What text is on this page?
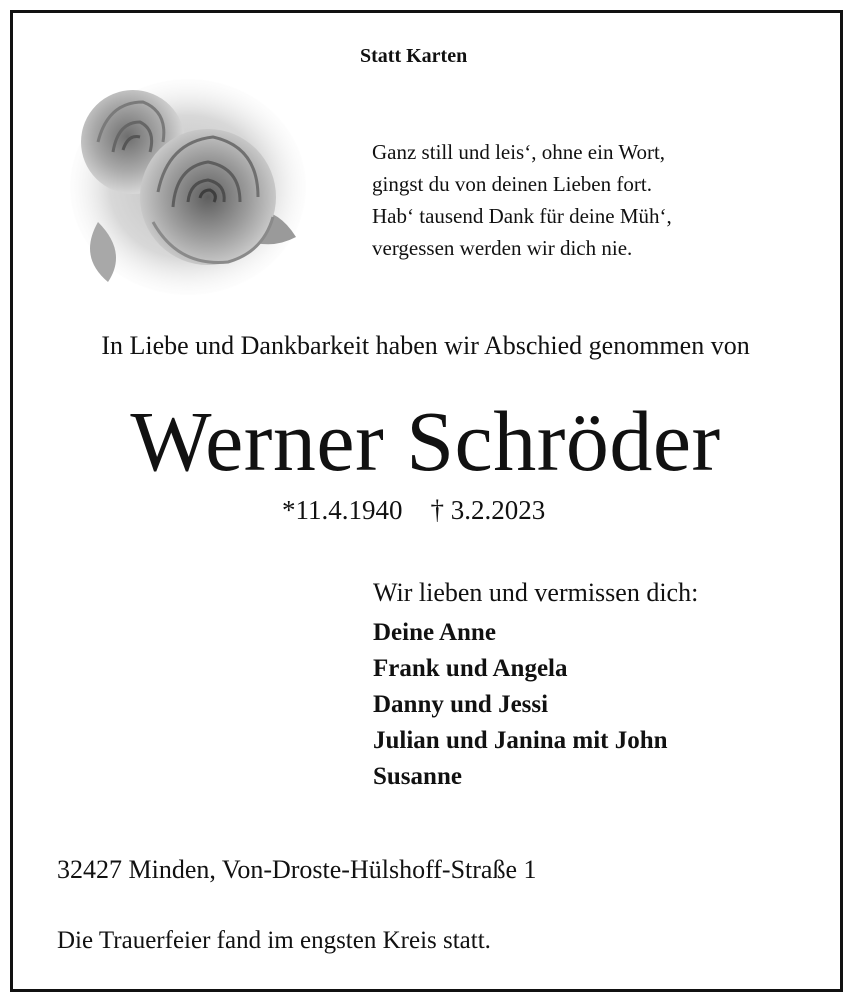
Statt Karten
Ganz still und leis‘, ohne ein Wort,
gingst du von deinen Lieben fort.
Hab‘ tausend Dank für deine Müh‘,
vergessen werden wir dich nie.
In Liebe und Dankbarkeit haben wir Abschied genommen von
Werner Schröder
*11.4.1940 † 3.2.2023
Wir lieben und vermissen dich:
Deine Anne
Frank und Angela
Danny und Jessi
Julian und Janina mit John
Susanne
32427 Minden, Von-Droste-Hülshoff-Straße 1
Die Trauerfeier fand im engsten Kreis statt.
